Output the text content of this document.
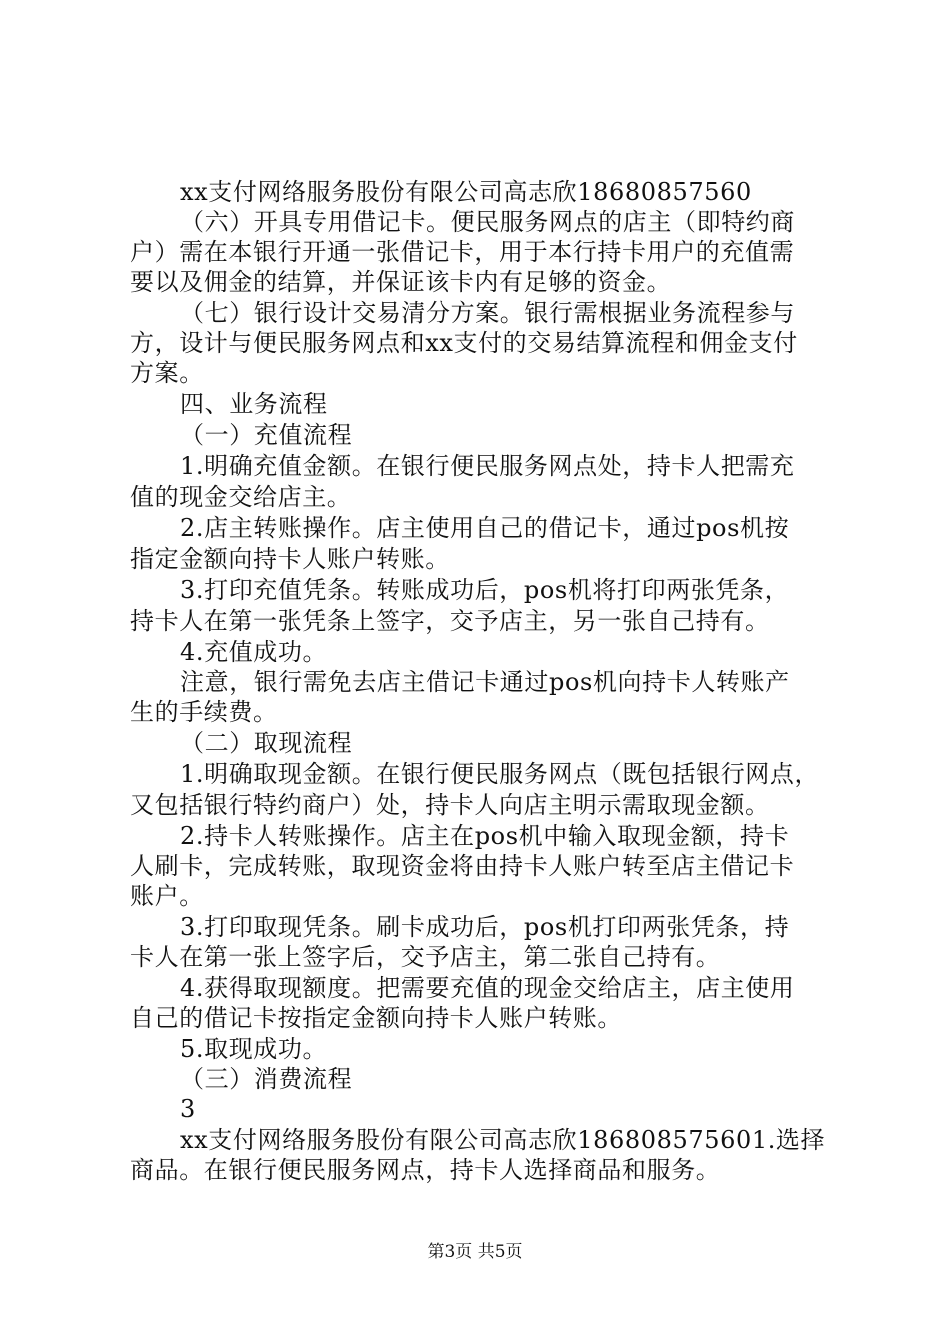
xx支付网络服务股份有限公司高志欣18680857560
（六）开具专用借记卡。便民服务网点的店主（即特约商
户）需在本银行开通一张借记卡，用于本行持卡用户的充值需
要以及佣金的结算，并保证该卡内有足够的资金。
（七）银行设计交易清分方案。银行需根据业务流程参与
方，设计与便民服务网点和xx支付的交易结算流程和佣金支付
方案。
四、业务流程
（一）充值流程
1.明确充值金额。在银行便民服务网点处，持卡人把需充
值的现金交给店主。
2.店主转账操作。店主使用自己的借记卡，通过pos机按
指定金额向持卡人账户转账。
3.打印充值凭条。转账成功后，pos机将打印两张凭条，
持卡人在第一张凭条上签字，交予店主，另一张自己持有。
4.充值成功。
注意，银行需免去店主借记卡通过pos机向持卡人转账产
生的手续费。
（二）取现流程
1.明确取现金额。在银行便民服务网点（既包括银行网点，
又包括银行特约商户）处，持卡人向店主明示需取现金额。
2.持卡人转账操作。店主在pos机中输入取现金额，持卡
人刷卡，完成转账，取现资金将由持卡人账户转至店主借记卡
账户。
3.打印取现凭条。刷卡成功后，pos机打印两张凭条，持
卡人在第一张上签字后，交予店主，第二张自己持有。
4.获得取现额度。把需要充值的现金交给店主，店主使用
自己的借记卡按指定金额向持卡人账户转账。
5.取现成功。
（三）消费流程
3
xx支付网络服务股份有限公司高志欣186808575601.选择
商品。在银行便民服务网点，持卡人选择商品和服务。
第3页 共5页
